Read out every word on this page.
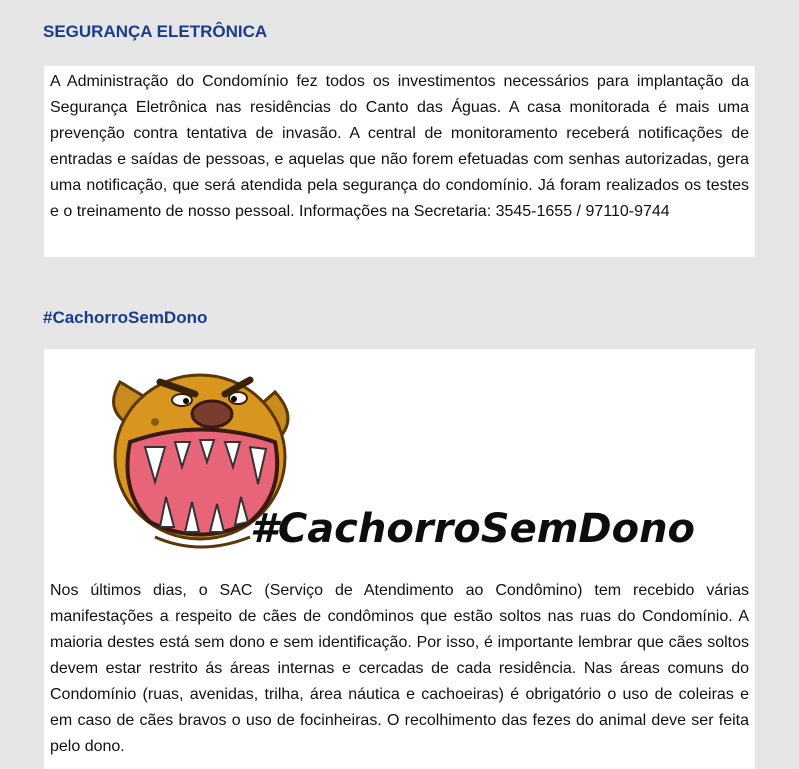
SEGURANÇA ELETRÔNICA

A Administração do Condomínio fez todos os investimentos necessários para implantação da Segurança Eletrônica nas residências do Canto das Águas. A casa monitorada é mais uma prevenção contra tentativa de invasão. A central de monitoramento receberá notificações de entradas e saídas de pessoas, e aquelas que não forem efetuadas com senhas autorizadas, gera uma notificação, que será atendida pela segurança do condomínio. Já foram realizados os testes e o treinamento de nosso pessoal. Informações na Secretaria: 3545-1655 / 97110-9744

#CachorroSemDono
#CachorroSemDono

Nos últimos dias, o SAC (Serviço de Atendimento ao Condômino) tem recebido várias manifestações a respeito de cães de condôminos que estão soltos nas ruas do Condomínio. A maioria destes está sem dono e sem identificação. Por isso, é importante lembrar que cães soltos devem estar restrito ás áreas internas e cercadas de cada residência. Nas áreas comuns do Condomínio (ruas, avenidas, trilha, área náutica e cachoeiras) é obrigatório o uso de coleiras e em caso de cães bravos o uso de focinheiras. O recolhimento das fezes do animal deve ser feita pelo dono.
